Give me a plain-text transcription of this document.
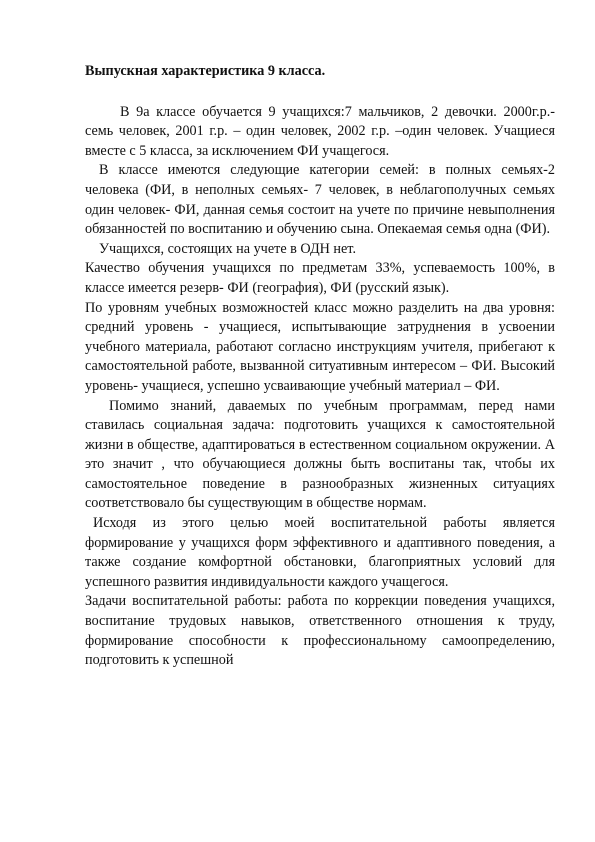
Выпускная характеристика 9 класса.

В 9а классе обучается 9 учащихся:7 мальчиков, 2 девочки. 2000г.р.- семь человек, 2001 г.р. – один человек, 2002 г.р. –один человек. Учащиеся вместе с 5 класса, за исключением ФИ учащегося.

В классе имеются следующие категории семей: в полных семьях-2 человека (ФИ, в неполных семьях- 7 человек, в неблагополучных семьях один человек- ФИ, данная семья состоит на учете по причине невыполнения обязанностей по воспитанию и обучению сына. Опекаемая семья одна (ФИ).

Учащихся, состоящих на учете в ОДН нет.

Качество обучения учащихся по предметам 33%, успеваемость 100%, в классе имеется резерв- ФИ (география), ФИ (русский язык).

По уровням учебных возможностей класс можно разделить на два уровня: средний уровень - учащиеся, испытывающие затруднения в усвоении учебного материала, работают согласно инструкциям учителя, прибегают к самостоятельной работе, вызванной ситуативным интересом – ФИ. Высокий уровень- учащиеся, успешно усваивающие учебный материал – ФИ.

Помимо знаний, даваемых по учебным программам, перед нами ставилась социальная задача: подготовить учащихся к самостоятельной жизни в обществе, адаптироваться в естественном социальном окружении. А это значит , что обучающиеся должны быть воспитаны так, чтобы их самостоятельное поведение в разнообразных жизненных ситуациях соответствовало бы существующим в обществе нормам.

Исходя из этого целью моей воспитательной работы является формирование у учащихся форм эффективного и адаптивного поведения, а также создание комфортной обстановки, благоприятных условий для успешного развития индивидуальности каждого учащегося.

Задачи воспитательной работы: работа по коррекции поведения учащихся, воспитание трудовых навыков, ответственного отношения к труду, формирование способности к профессиональному самоопределению, подготовить к успешной
